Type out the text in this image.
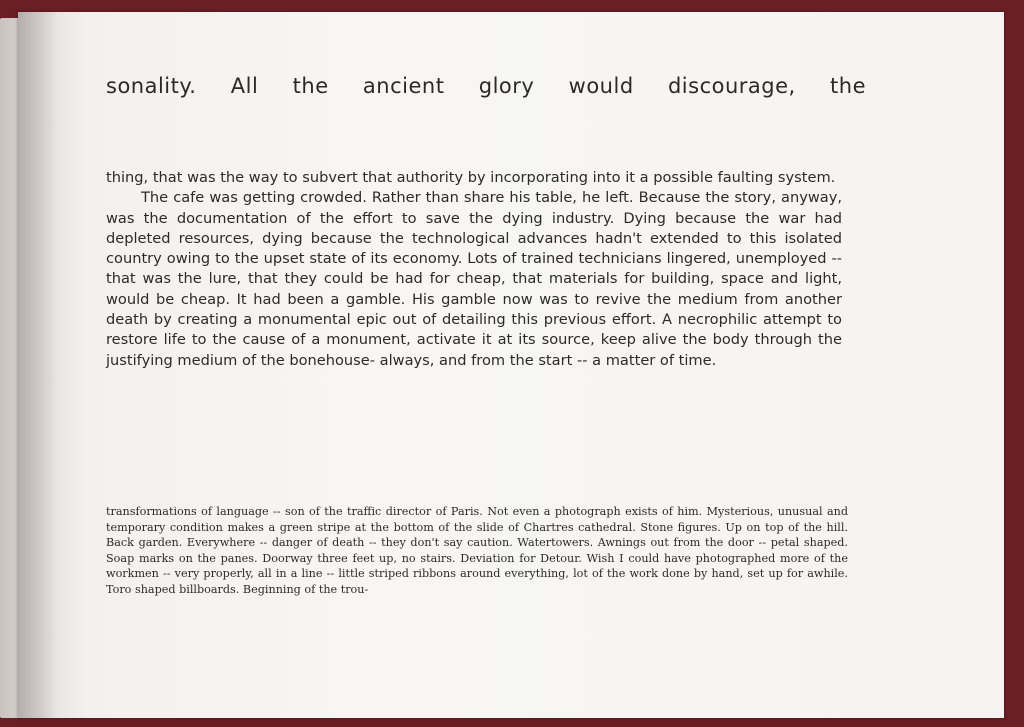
sonality. All the ancient glory would discourage, the

thing, that was the way to subvert that authority by incorporating into it a possible faulting system.

The cafe was getting crowded. Rather than share his table, he left. Because the story, anyway, was the documentation of the effort to save the dying industry. Dying because the war had depleted resources, dying because the technological advances hadn't extended to this isolated country owing to the upset state of its economy. Lots of trained technicians lingered, unemployed -- that was the lure, that they could be had for cheap, that materials for building, space and light, would be cheap. It had been a gamble. His gamble now was to revive the medium from another death by creating a monumental epic out of detailing this previous effort. A necrophilic attempt to restore life to the cause of a monument, activate it at its source, keep alive the body through the justifying medium of the bonehouse- always, and from the start -- a matter of time.

transformations of language -- son of the traffic director of Paris. Not even a photograph exists of him. Mysterious, unusual and temporary condition makes a green stripe at the bottom of the slide of Chartres cathedral. Stone figures. Up on top of the hill. Back garden. Everywhere -- danger of death -- they don't say caution. Watertowers. Awnings out from the door -- petal shaped. Soap marks on the panes. Doorway three feet up, no stairs. Deviation for Detour. Wish I could have photographed more of the workmen -- very properly, all in a line -- little striped ribbons around everything, lot of the work done by hand, set up for awhile. Toro shaped billboards. Beginning of the trou-
